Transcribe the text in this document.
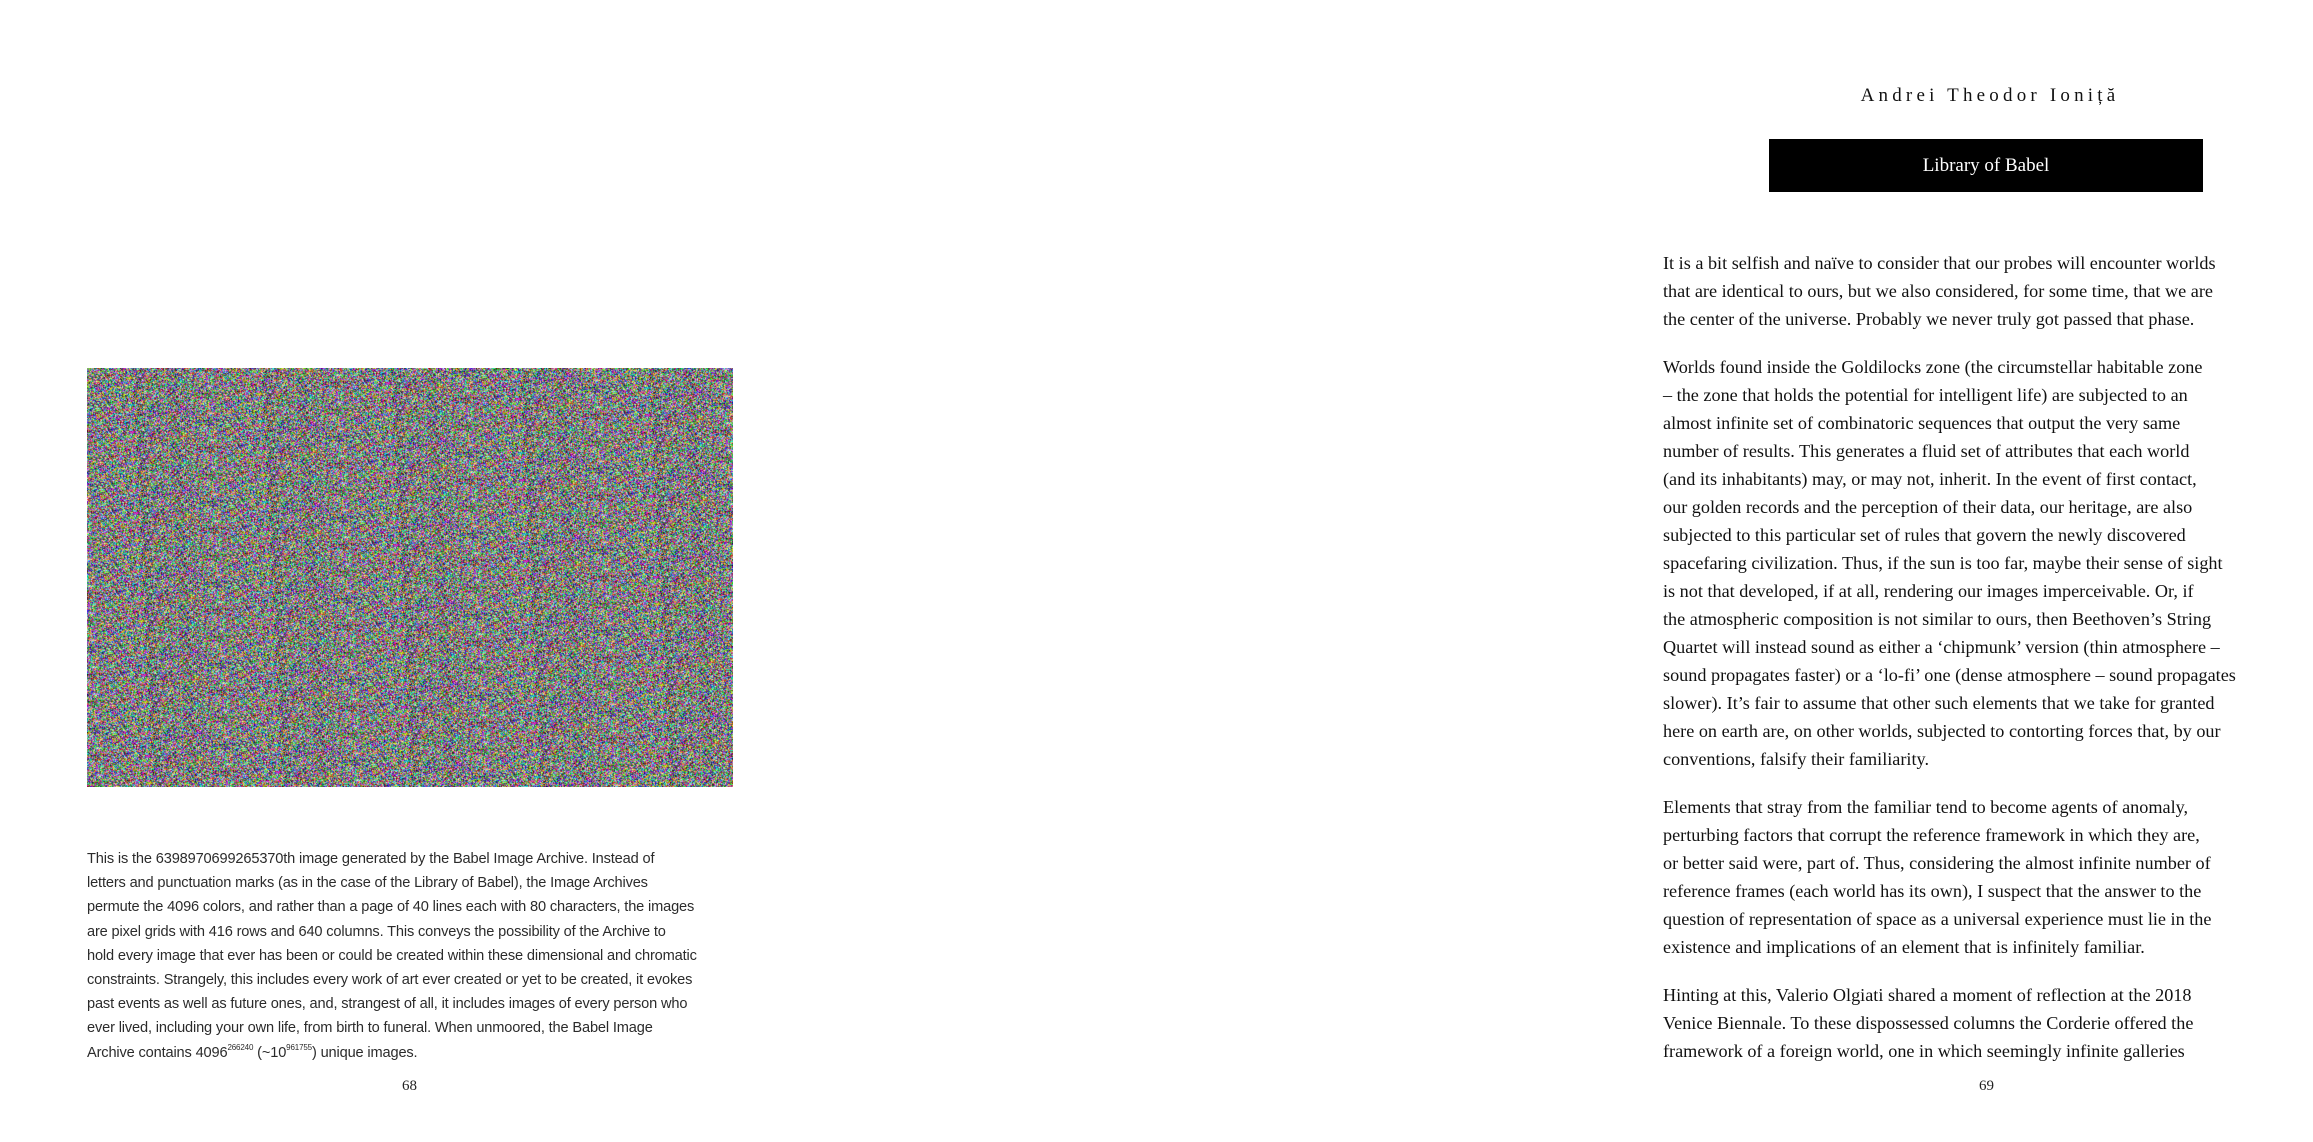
This is the 6398970699265370th image generated by the Babel Image Archive. Instead of
letters and punctuation marks (as in the case of the Library of Babel), the Image Archives
permute the 4096 colors, and rather than a page of 40 lines each with 80 characters, the images
are pixel grids with 416 rows and 640 columns. This conveys the possibility of the Archive to
hold every image that ever has been or could be created within these dimensional and chromatic
constraints. Strangely, this includes every work of art ever created or yet to be created, it evokes
past events as well as future ones, and, strangest of all, it includes images of every person who
ever lived, including your own life, from birth to funeral. When unmoored, the Babel Image
Archive contains $4096^{266240}$ $(\sim 10^{961755})$ unique images.
68
Andrei Theodor Ioniță
Library of Babel

It is a bit selfish and naïve to consider that our probes will encounter worlds
that are identical to ours, but we also considered, for some time, that we are
the center of the universe. Probably we never truly got passed that phase.

Worlds found inside the Goldilocks zone (the circumstellar habitable zone
– the zone that holds the potential for intelligent life) are subjected to an
almost infinite set of combinatoric sequences that output the very same
number of results. This generates a fluid set of attributes that each world
(and its inhabitants) may, or may not, inherit. In the event of first contact,
our golden records and the perception of their data, our heritage, are also
subjected to this particular set of rules that govern the newly discovered
spacefaring civilization. Thus, if the sun is too far, maybe their sense of sight
is not that developed, if at all, rendering our images imperceivable. Or, if
the atmospheric composition is not similar to ours, then Beethoven’s String
Quartet will instead sound as either a ‘chipmunk’ version (thin atmosphere –
sound propagates faster) or a ‘lo-fi’ one (dense atmosphere – sound propagates
slower). It’s fair to assume that other such elements that we take for granted
here on earth are, on other worlds, subjected to contorting forces that, by our
conventions, falsify their familiarity.

Elements that stray from the familiar tend to become agents of anomaly,
perturbing factors that corrupt the reference framework in which they are,
or better said were, part of. Thus, considering the almost infinite number of
reference frames (each world has its own), I suspect that the answer to the
question of representation of space as a universal experience must lie in the
existence and implications of an element that is infinitely familiar.

Hinting at this, Valerio Olgiati shared a moment of reflection at the 2018
Venice Biennale. To these dispossessed columns the Corderie offered the
framework of a foreign world, one in which seemingly infinite galleries

69
